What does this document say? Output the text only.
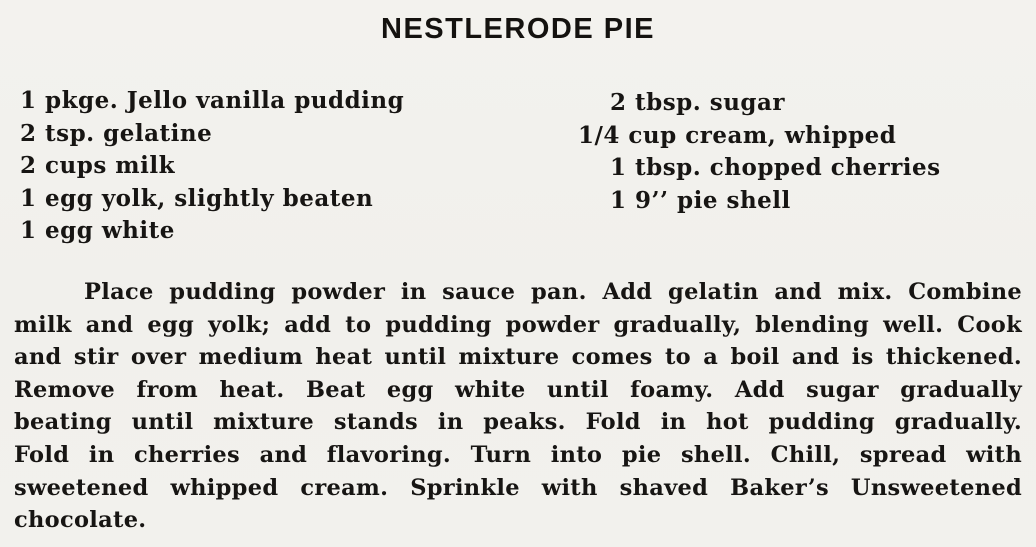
NESTLERODE PIE
1 pkge. Jello vanilla pudding
2 tsp. gelatine
2 cups milk
1 egg yolk, slightly beaten
1 egg white
2 tbsp. sugar
1/4 cup cream, whipped
1 tbsp. chopped cherries
1 9’’ pie shell
Place pudding powder in sauce pan. Add gelatin and mix. Combine
milk and egg yolk; add to pudding powder gradually, blending well. Cook
and stir over medium heat until mixture comes to a boil and is thickened.
Remove from heat. Beat egg white until foamy. Add sugar gradually
beating until mixture stands in peaks. Fold in hot pudding gradually.
Fold in cherries and flavoring. Turn into pie shell. Chill, spread with
sweetened whipped cream. Sprinkle with shaved Baker’s Unsweetened
chocolate.
